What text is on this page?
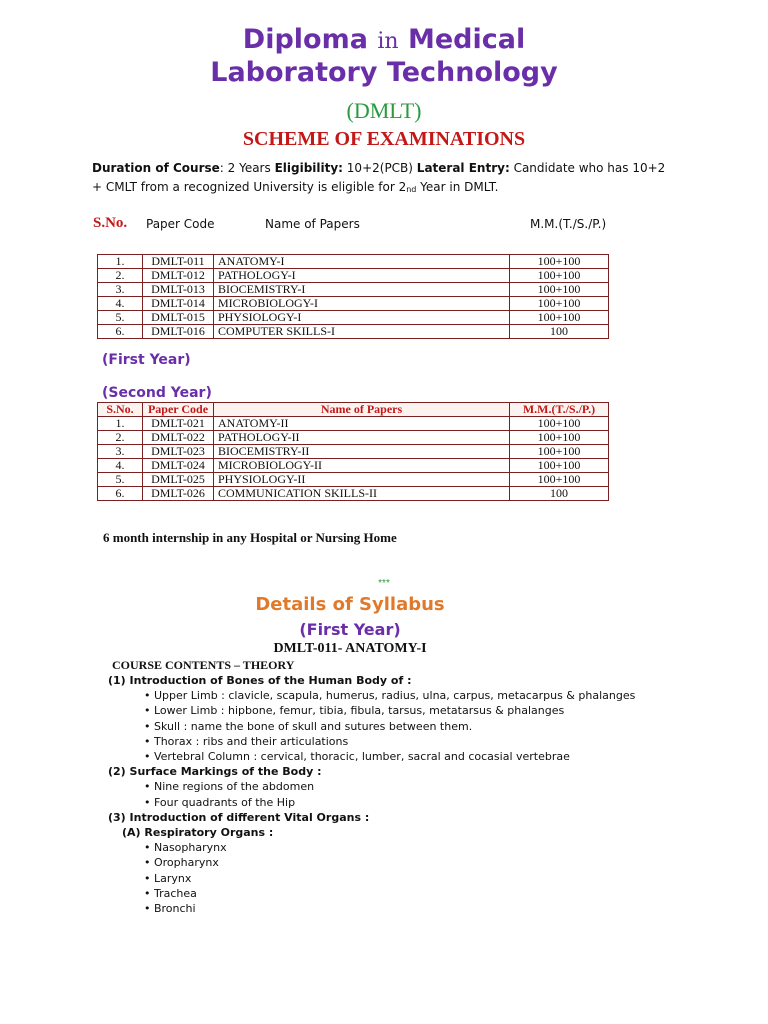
Diploma in Medical
Laboratory Technology
(DMLT)
SCHEME OF EXAMINATIONS
Duration of Course: 2 Years Eligibility: 10+2(PCB) Lateral Entry: Candidate who has 10+2 + CMLT from a recognized University is eligible for $2_{nd}$ Year in DMLT.
S.No. Paper Code	Name of Papers	M.M.(T./S./P.)
1.	DMLT-011	ANATOMY-I	100+100
2.	DMLT-012	PATHOLOGY-I	100+100
3.	DMLT-013	BIOCEMISTRY-I	100+100
4.	DMLT-014	MICROBIOLOGY-I	100+100
5.	DMLT-015	PHYSIOLOGY-I	100+100
6.	DMLT-016	COMPUTER SKILLS-I	100
(First Year)
(Second Year)
S.No.	Paper Code	Name of Papers	M.M.(T./S./P.)
1.	DMLT-021	ANATOMY-II	100+100
2.	DMLT-022	PATHOLOGY-II	100+100
3.	DMLT-023	BIOCEMISTRY-II	100+100
4.	DMLT-024	MICROBIOLOGY-II	100+100
5.	DMLT-025	PHYSIOLOGY-II	100+100
6.	DMLT-026	COMMUNICATION SKILLS-II	100
6 month internship in any Hospital or Nursing Home
***
Details of Syllabus
(First Year)
DMLT-011- ANATOMY-I
COURSE CONTENTS – THEORY
(1) Introduction of Bones of the Human Body of :
• Upper Limb : clavicle, scapula, humerus, radius, ulna, carpus, metacarpus & phalanges
• Lower Limb : hipbone, femur, tibia, fibula, tarsus, metatarsus & phalanges
• Skull : name the bone of skull and sutures between them.
• Thorax : ribs and their articulations
• Vertebral Column : cervical, thoracic, lumber, sacral and cocasial vertebrae
(2) Surface Markings of the Body :
• Nine regions of the abdomen
• Four quadrants of the Hip
(3) Introduction of different Vital Organs :
(A) Respiratory Organs :
• Nasopharynx
• Oropharynx
• Larynx
• Trachea
• Bronchi
